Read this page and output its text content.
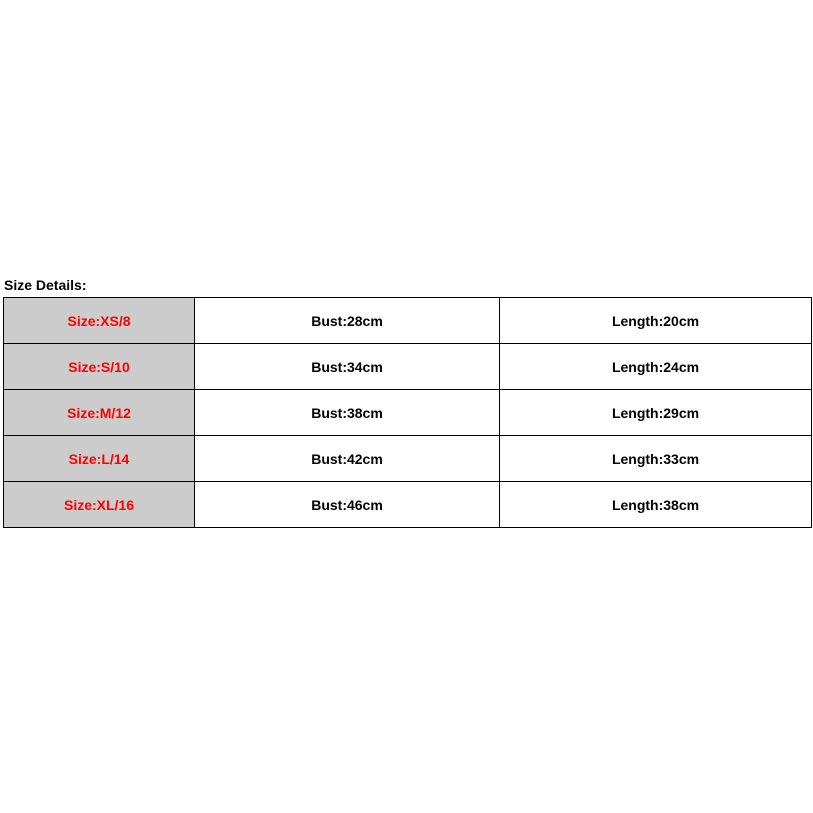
Size Details:
Size:XS/8	Bust:28cm	Length:20cm
Size:S/10	Bust:34cm	Length:24cm
Size:M/12	Bust:38cm	Length:29cm
Size:L/14	Bust:42cm	Length:33cm
Size:XL/16	Bust:46cm	Length:38cm
